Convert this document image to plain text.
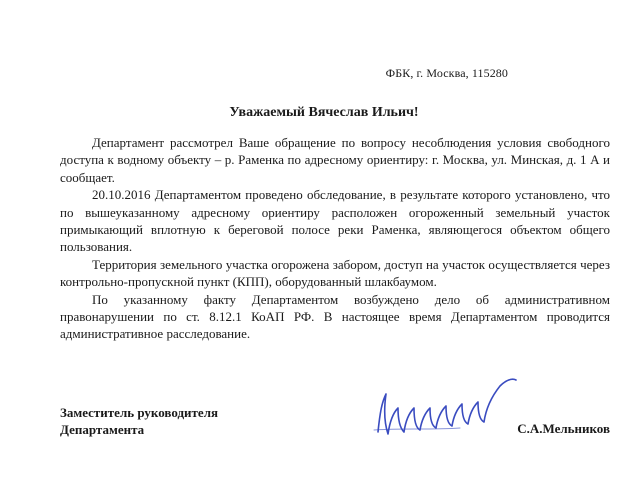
ФБК, г. Москва, 115280
Уважаемый Вячеслав Ильич!

Департамент рассмотрел Ваше обращение по вопросу несоблюдения условия свободного доступа к водному объекту – р. Раменка по адресному ориентиру: г. Москва, ул. Минская, д. 1 А и сообщает.

20.10.2016 Департаментом проведено обследование, в результате которого установлено, что по вышеуказанному адресному ориентиру расположен огороженный земельный участок примыкающий вплотную к береговой полосе реки Раменка, являющегося объектом общего пользования.

Территория земельного участка огорожена забором, доступ на участок осуществляется через контрольно-пропускной пункт (КПП), оборудованный шлакбаумом.

По указанному факту Департаментом возбуждено дело об административном правонарушении по ст. 8.12.1 КоАП РФ. В настоящее время Департаментом проводится административное расследование.

Заместитель руководителя
Департамента	С.А.Мельников
